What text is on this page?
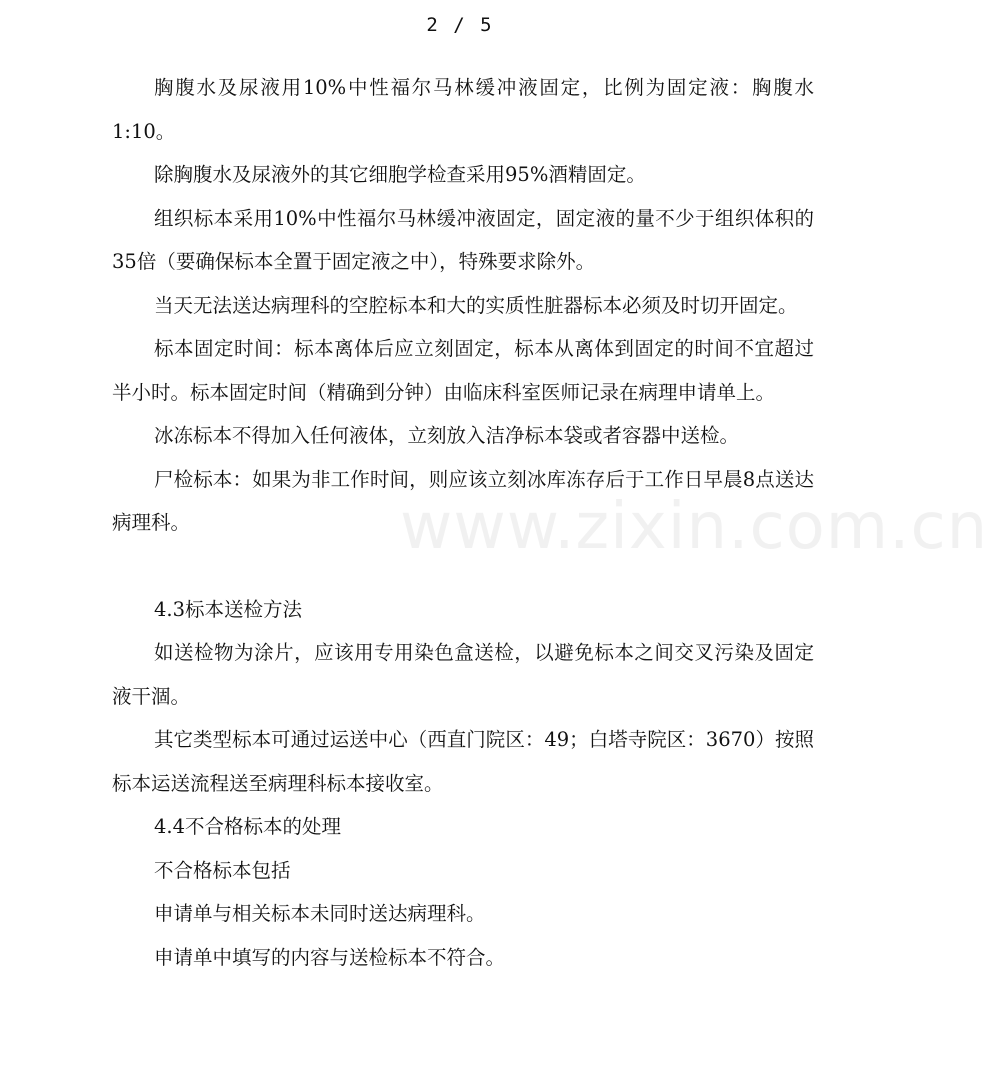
2 / 5
www.zixin.com.cn

胸腹水及尿液用10%中性福尔马林缓冲液固定，比例为固定液：胸腹水1:10。

除胸腹水及尿液外的其它细胞学检查采用95%酒精固定。

组织标本采用10%中性福尔马林缓冲液固定，固定液的量不少于组织体积的35倍（要确保标本全置于固定液之中），特殊要求除外。

当天无法送达病理科的空腔标本和大的实质性脏器标本必须及时切开固定。

标本固定时间：标本离体后应立刻固定，标本从离体到固定的时间不宜超过半小时。标本固定时间（精确到分钟）由临床科室医师记录在病理申请单上。

冰冻标本不得加入任何液体，立刻放入洁净标本袋或者容器中送检。

尸检标本：如果为非工作时间，则应该立刻冰库冻存后于工作日早晨8点送达病理科。

4.3标本送检方法

如送检物为涂片，应该用专用染色盒送检，以避免标本之间交叉污染及固定液干涸。

其它类型标本可通过运送中心（西直门院区：49；白塔寺院区：3670）按照标本运送流程送至病理科标本接收室。

4.4不合格标本的处理

不合格标本包括

申请单与相关标本未同时送达病理科。

申请单中填写的内容与送检标本不符合。
